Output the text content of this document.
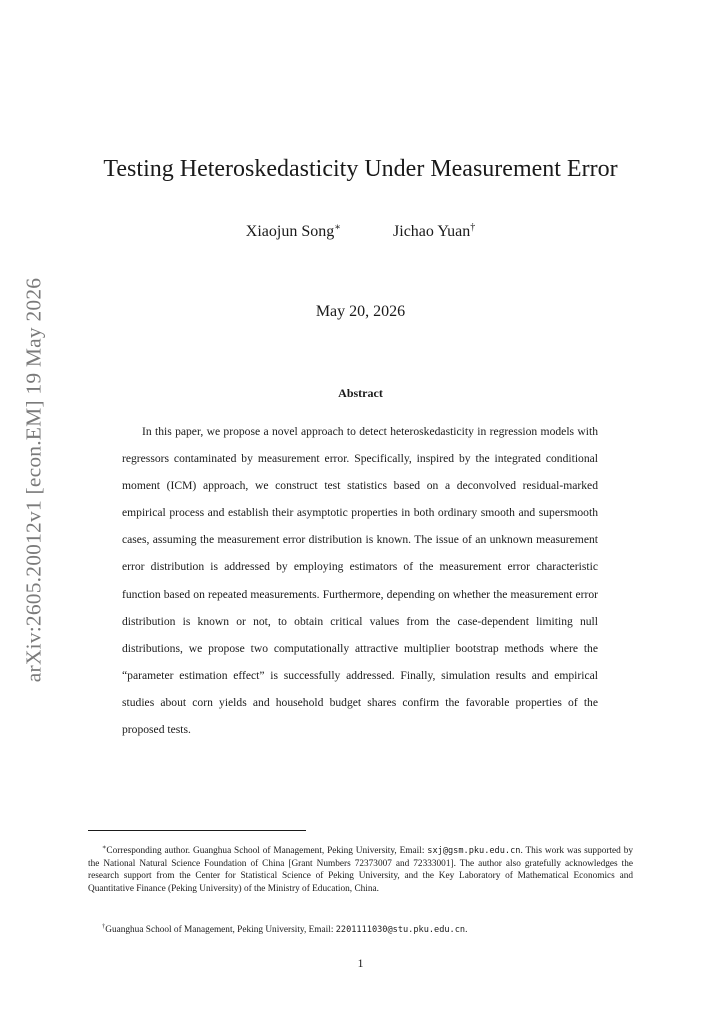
arXiv:2605.20012v1 [econ.EM] 19 May 2026
Testing Heteroskedasticity Under Measurement Error
Xiaojun Song∗	Jichao Yuan†
May 20, 2026
Abstract

In this paper, we propose a novel approach to detect heteroskedasticity in regression models with regressors contaminated by measurement error. Specifically, inspired by the integrated conditional moment (ICM) approach, we construct test statistics based on a deconvolved residual-marked empirical process and establish their asymptotic properties in both ordinary smooth and supersmooth cases, assuming the measurement error distribution is known. The issue of an unknown measurement error distribution is addressed by employing estimators of the measurement error characteristic function based on repeated measurements. Furthermore, depending on whether the measurement error distribution is known or not, to obtain critical values from the case-dependent limiting null distributions, we propose two computationally attractive multiplier bootstrap methods where the “parameter estimation effect” is successfully addressed. Finally, simulation results and empirical studies about corn yields and household budget shares confirm the favorable properties of the proposed tests.

∗Corresponding author. Guanghua School of Management, Peking University, Email: sxj@gsm.pku.edu.cn. This work was supported by the National Natural Science Foundation of China [Grant Numbers 72373007 and 72333001]. The author also gratefully acknowledges the research support from the Center for Statistical Science of Peking University, and the Key Laboratory of Mathematical Economics and Quantitative Finance (Peking University) of the Ministry of Education, China.

†Guanghua School of Management, Peking University, Email: 2201111030@stu.pku.edu.cn.

1
